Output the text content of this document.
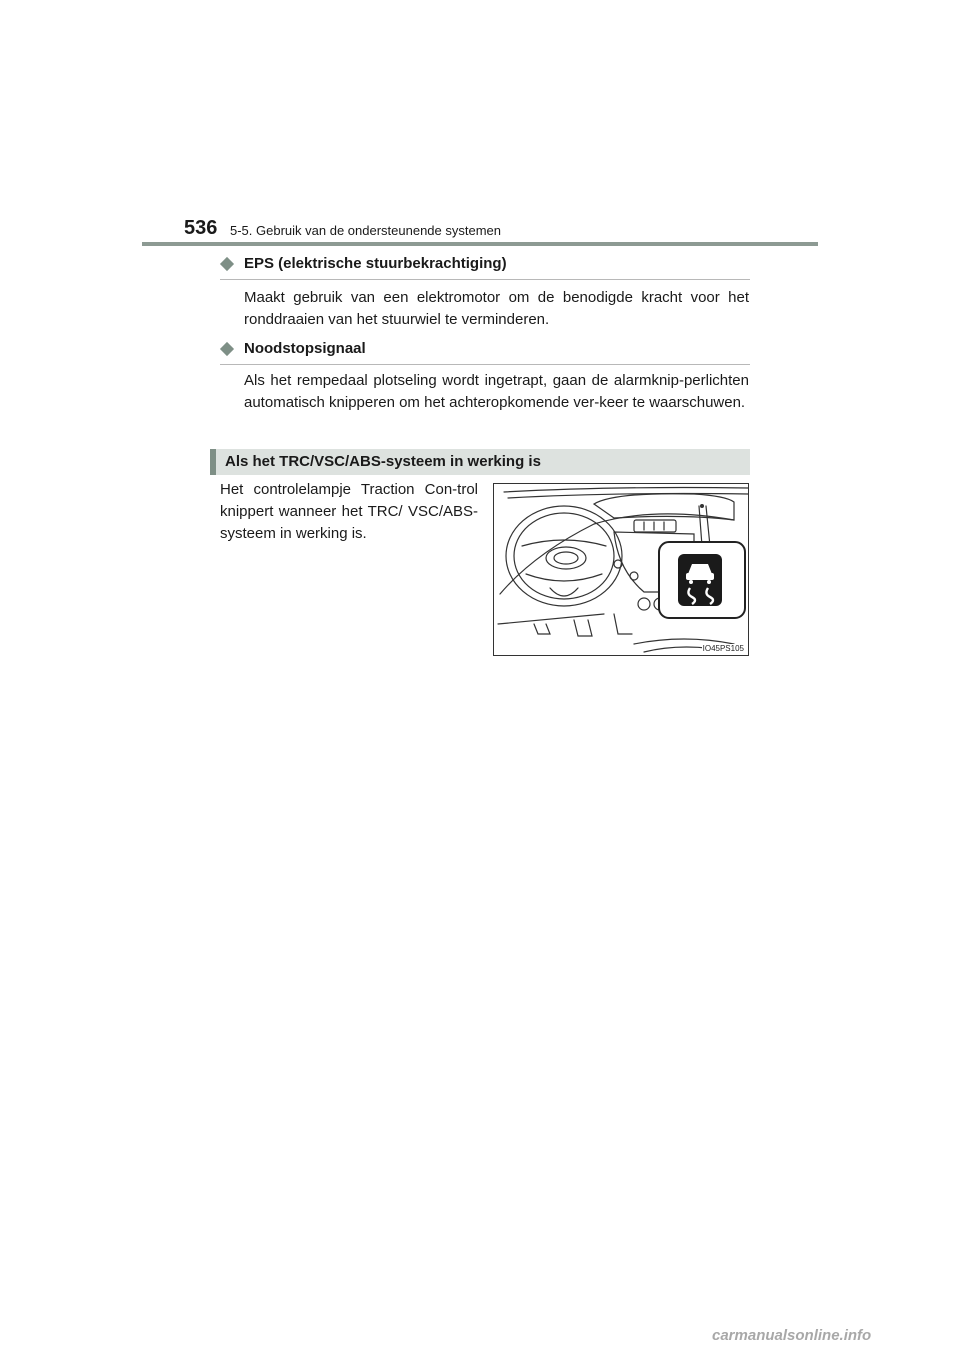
536 5-5. Gebruik van de ondersteunende systemen
EPS (elektrische stuurbekrachtiging)
Maakt gebruik van een elektromotor om de benodigde kracht voor het ronddraaien van het stuurwiel te verminderen.
Noodstopsignaal
Als het rempedaal plotseling wordt ingetrapt, gaan de alarmknip-perlichten automatisch knipperen om het achteropkomende ver-keer te waarschuwen.
Als het TRC/VSC/ABS-systeem in werking is
Het controlelampje Traction Con-trol knippert wanneer het TRC/ VSC/ABS-systeem in werking is.
IO45PS105
carmanualsonline.info
